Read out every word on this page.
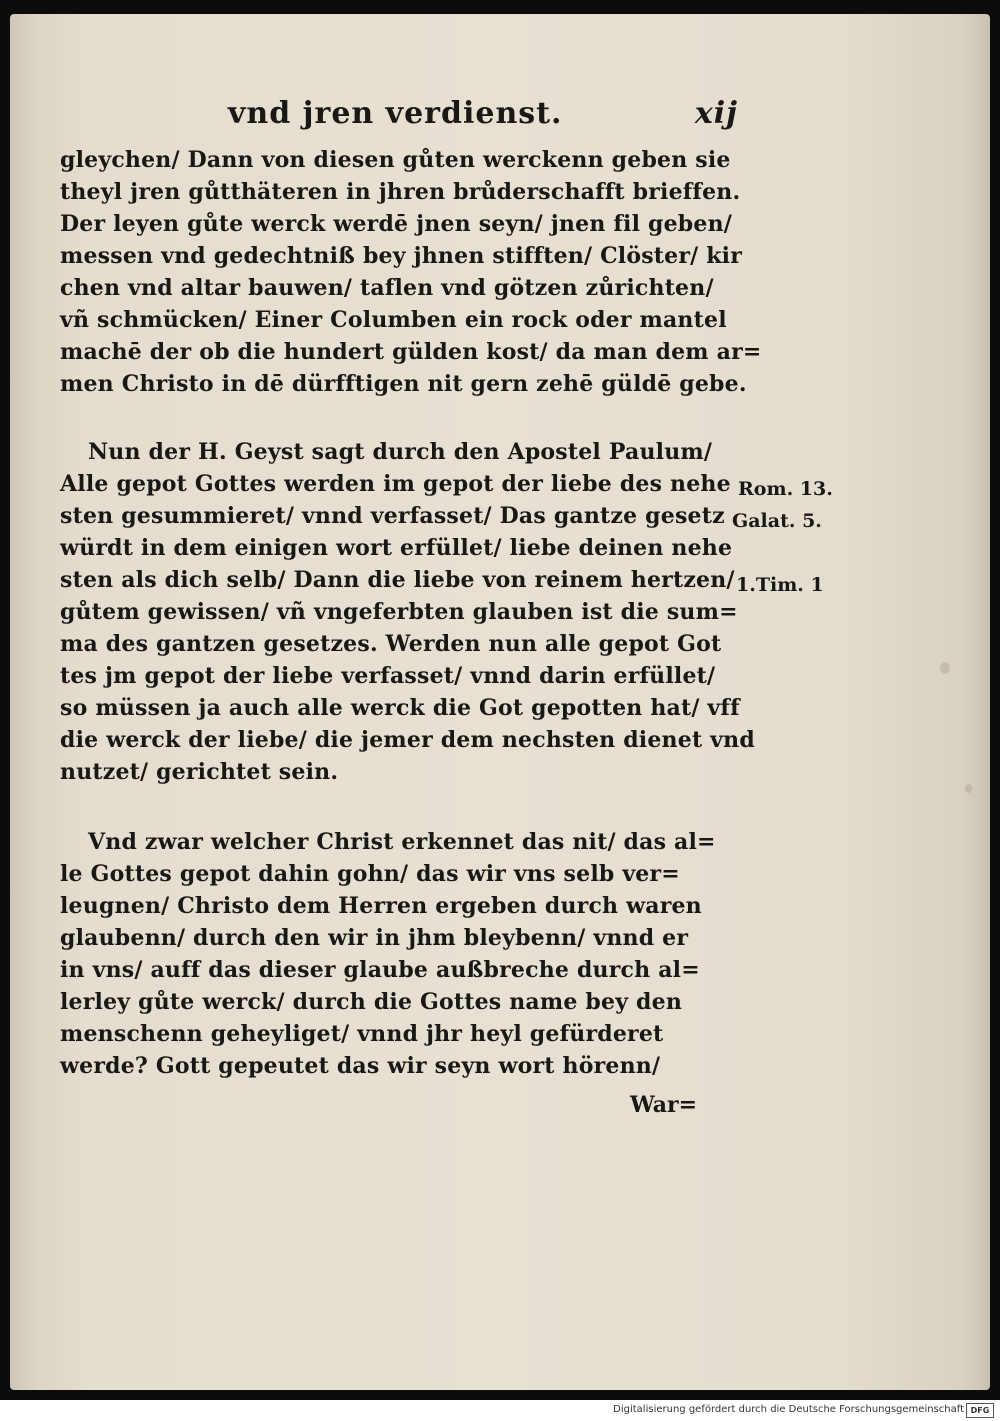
vnd jren verdienst.	xij
gleychen/ Dann von diesen gůten werckenn geben sie
theyl jren gůtthäteren in jhren brůderschafft brieffen.
Der leyen gůte werck werdē jnen seyn/ jnen fil geben/
messen vnd gedechtniß bey jhnen stifften/ Clöster/ kir
chen vnd altar bauwen/ taflen vnd götzen zůrichten/
vñ schmücken/ Einer Columben ein rock oder mantel
machē der ob die hundert gülden kost/ da man dem ar=
men Christo in dē dürfftigen nit gern zehē güldē gebe.
Nun der H. Geyst sagt durch den Apostel Paulum/
Alle gepot Gottes werden im gepot der liebe des nehe
sten gesummieret/ vnnd verfasset/ Das gantze gesetz
würdt in dem einigen wort erfüllet/ liebe deinen nehe
sten als dich selb/ Dann die liebe von reinem hertzen/
gůtem gewissen/ vñ vngeferbten glauben ist die sum=
ma des gantzen gesetzes. Werden nun alle gepot Got
tes jm gepot der liebe verfasset/ vnnd darin erfüllet/
so müssen ja auch alle werck die Got gepotten hat/ vff
die werck der liebe/ die jemer dem nechsten dienet vnd
nutzet/ gerichtet sein.
Vnd zwar welcher Christ erkennet das nit/ das al=
le Gottes gepot dahin gohn/ das wir vns selb ver=
leugnen/ Christo dem Herren ergeben durch waren
glaubenn/ durch den wir in jhm bleybenn/ vnnd er
in vns/ auff das dieser glaube außbreche durch al=
lerley gůte werck/ durch die Gottes name bey den
menschenn geheyliget/ vnnd jhr heyl gefürderet
werde? Gott gepeutet das wir seyn wort hörenn/
Rom. 13.
Galat. 5.
1.Tim. 1
War=
Digitalisierung gefördert durch die Deutsche Forschungsgemeinschaft DFG
